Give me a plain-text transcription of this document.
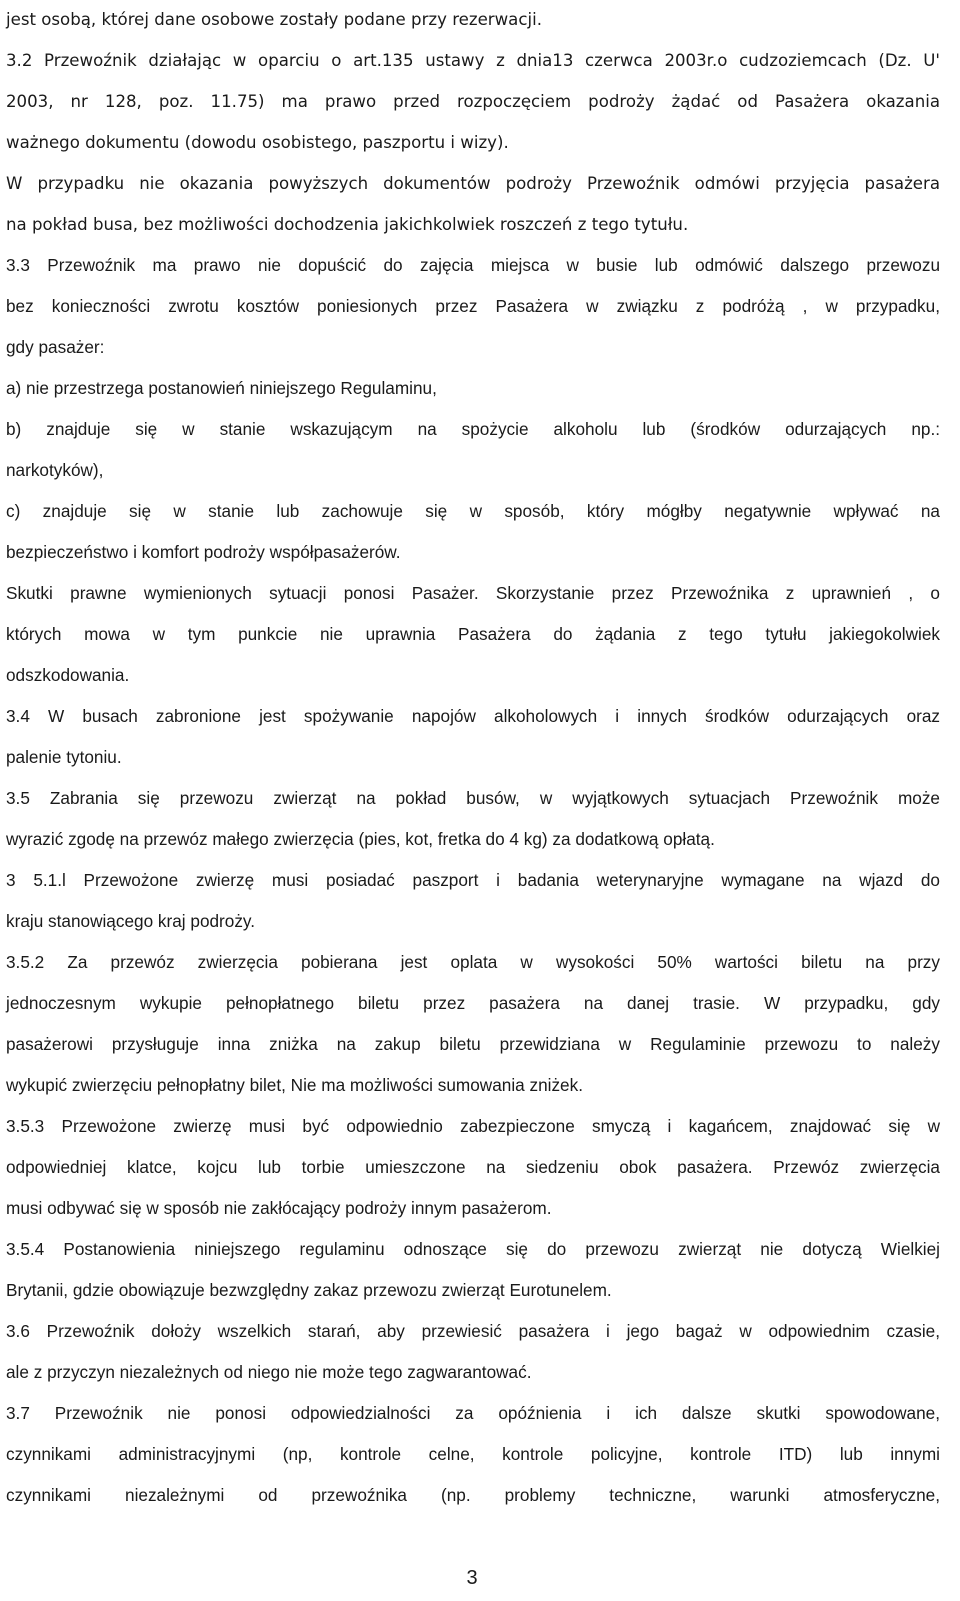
jest osobą, której dane osobowe zostały podane przy rezerwacji.
3.2 Przewoźnik działając w oparciu o art.135 ustawy z dnia13 czerwca 2003r.o cudzoziemcach (Dz. U'
2003, nr 128, poz. 11.75) ma prawo przed rozpoczęciem podroży żądać od Pasażera okazania
ważnego dokumentu (dowodu osobistego, paszportu i wizy).
W przypadku nie okazania powyższych dokumentów podroży Przewoźnik odmówi przyjęcia pasażera
na pokład busa, bez możliwości dochodzenia jakichkolwiek roszczeń z tego tytułu.
3.3 Przewoźnik ma prawo nie dopuścić do zajęcia miejsca w busie lub odmówić dalszego przewozu
bez konieczności zwrotu kosztów poniesionych przez Pasażera w związku z podróżą , w przypadku,
gdy pasażer:
a) nie przestrzega postanowień niniejszego Regulaminu,
b) znajduje się w stanie wskazującym na spożycie alkoholu lub (środków odurzających np.:
narkotyków),
c) znajduje się w stanie lub zachowuje się w sposób, który mógłby negatywnie wpływać na
bezpieczeństwo i komfort podroży współpasażerów.
Skutki prawne wymienionych sytuacji ponosi Pasażer. Skorzystanie przez Przewoźnika z uprawnień , o
których mowa w tym punkcie nie uprawnia Pasażera do żądania z tego tytułu jakiegokolwiek
odszkodowania.
3.4 W busach zabronione jest spożywanie napojów alkoholowych i innych środków odurzających oraz
palenie tytoniu.
3.5 Zabrania się przewozu zwierząt na pokład busów, w wyjątkowych sytuacjach Przewoźnik może
wyrazić zgodę na przewóz małego zwierzęcia (pies, kot, fretka do 4 kg) za dodatkową opłatą.
3 5.1.l Przewożone zwierzę musi posiadać paszport i badania weterynaryjne wymagane na wjazd do
kraju stanowiącego kraj podroży.
3.5.2 Za przewóz zwierzęcia pobierana jest oplata w wysokości 50% wartości biletu na przy
jednoczesnym wykupie pełnopłatnego biletu przez pasażera na danej trasie. W przypadku, gdy
pasażerowi przysługuje inna zniżka na zakup biletu przewidziana w Regulaminie przewozu to należy
wykupić zwierzęciu pełnopłatny bilet, Nie ma możliwości sumowania zniżek.
3.5.3 Przewożone zwierzę musi być odpowiednio zabezpieczone smyczą i kagańcem, znajdować się w
odpowiedniej klatce, kojcu lub torbie umieszczone na siedzeniu obok pasażera. Przewóz zwierzęcia
musi odbywać się w sposób nie zakłócający podroży innym pasażerom.
3.5.4 Postanowienia niniejszego regulaminu odnoszące się do przewozu zwierząt nie dotyczą Wielkiej
Brytanii, gdzie obowiązuje bezwzględny zakaz przewozu zwierząt Eurotunelem.
3.6 Przewoźnik dołoży wszelkich starań, aby przewiesić pasażera i jego bagaż w odpowiednim czasie,
ale z przyczyn niezależnych od niego nie może tego zagwarantować.
3.7 Przewoźnik nie ponosi odpowiedzialności za opóźnienia i ich dalsze skutki spowodowane,
czynnikami administracyjnymi (np, kontrole celne, kontrole policyjne, kontrole ITD) lub innymi
czynnikami niezależnymi od przewoźnika (np. problemy techniczne, warunki atmosferyczne,
3
